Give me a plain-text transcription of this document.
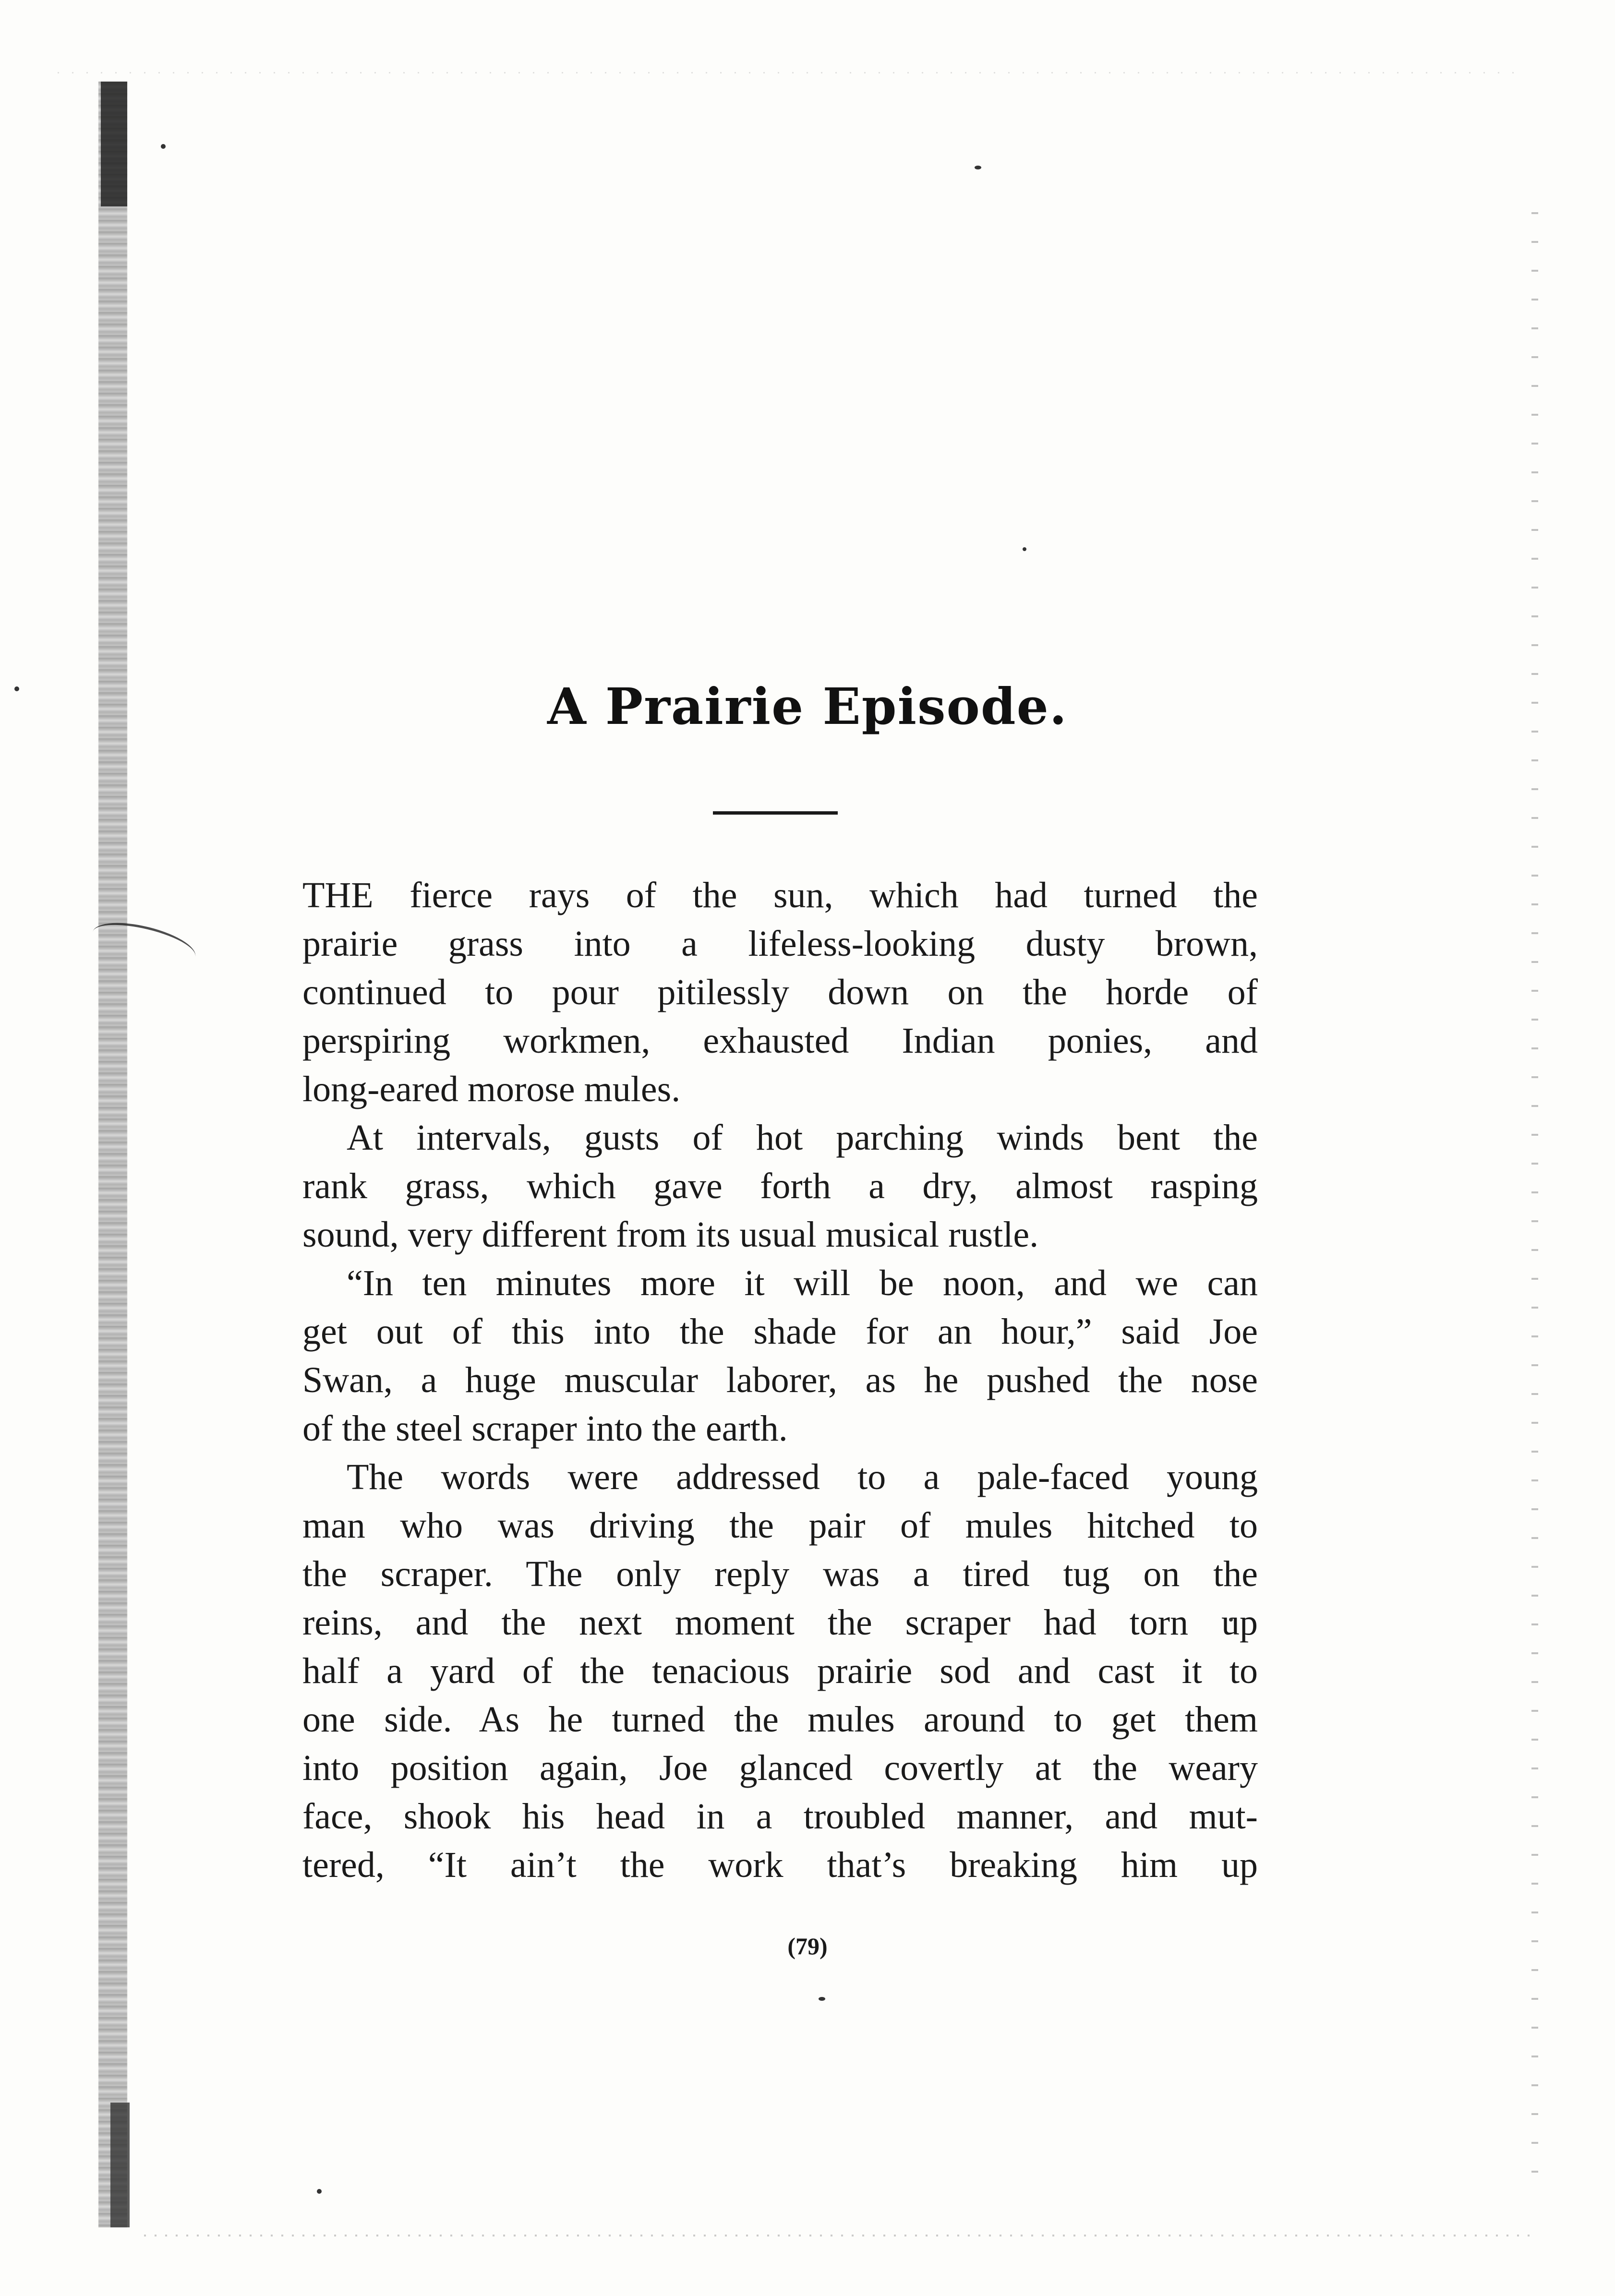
A Prairie Episode.
THE fierce rays of the sun, which had turned the
prairie grass into a lifeless-looking dusty brown,
continued to pour pitilessly down on the horde of
perspiring workmen, exhausted Indian ponies, and
long-eared morose mules.
At intervals, gusts of hot parching winds bent the
rank grass, which gave forth a dry, almost rasping
sound, very different from its usual musical rustle.
“In ten minutes more it will be noon, and we can
get out of this into the shade for an hour,” said Joe
Swan, a huge muscular laborer, as he pushed the nose
of the steel scraper into the earth.
The words were addressed to a pale-faced young
man who was driving the pair of mules hitched to
the scraper. The only reply was a tired tug on the
reins, and the next moment the scraper had torn up
half a yard of the tenacious prairie sod and cast it to
one side. As he turned the mules around to get them
into position again, Joe glanced covertly at the weary
face, shook his head in a troubled manner, and mut-
tered, “It ain’t the work that’s breaking him up
(79)
